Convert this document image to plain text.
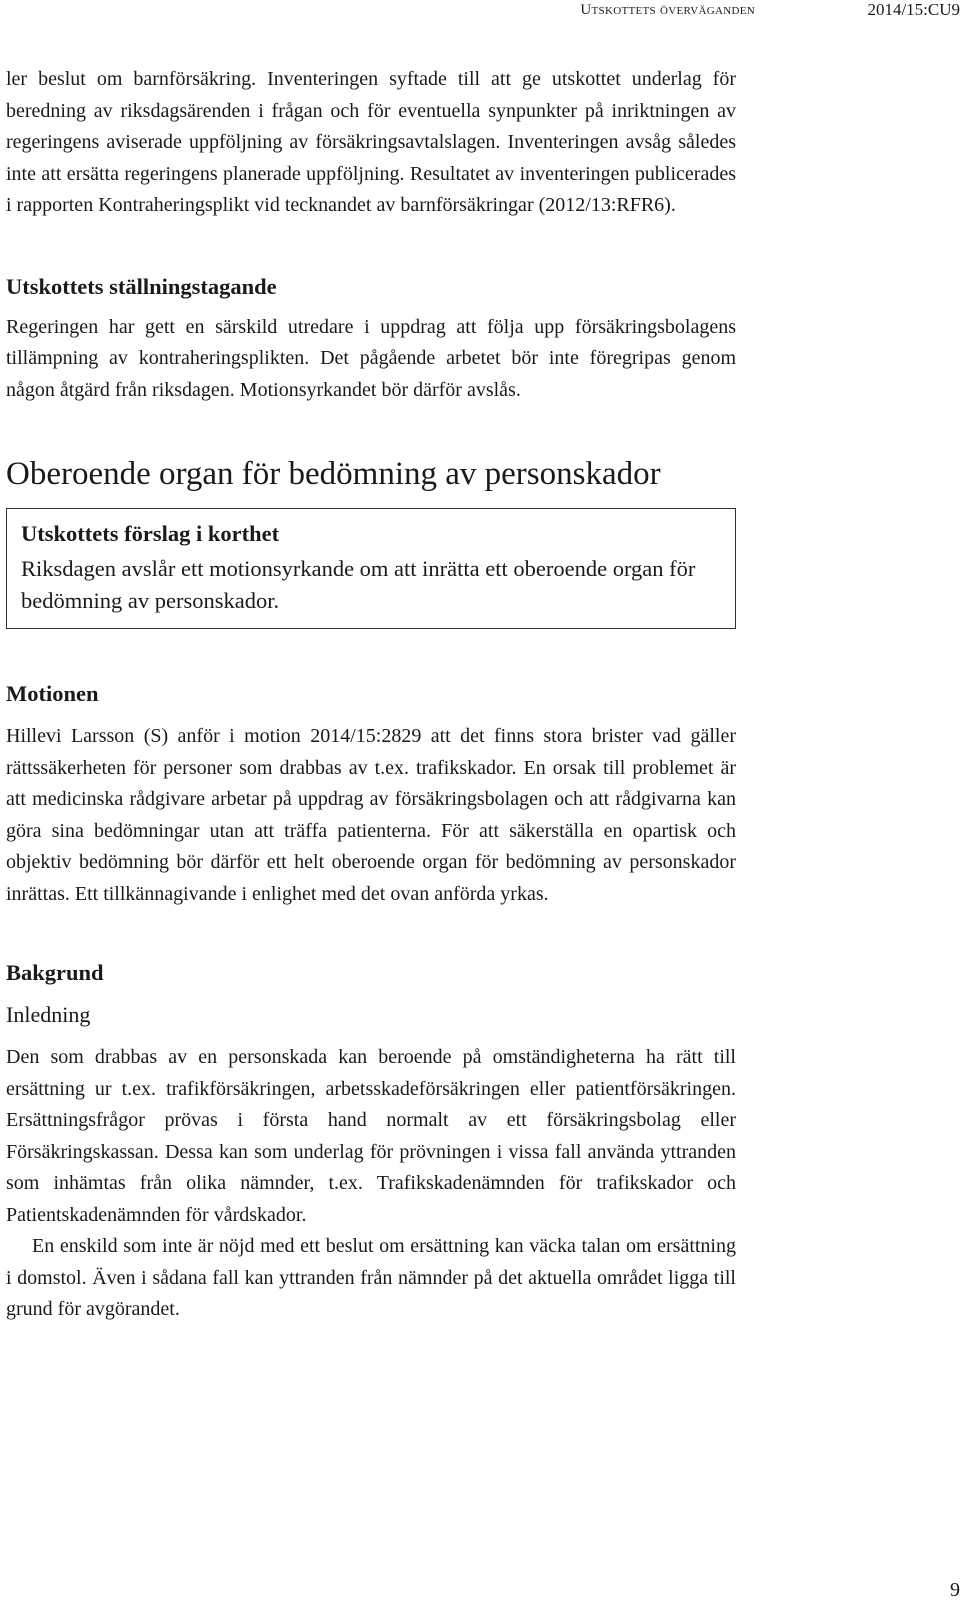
Utskottets överväganden	2014/15:CU9

ler beslut om barnförsäkring. Inventeringen syftade till att ge utskottet underlag för beredning av riksdagsärenden i frågan och för eventuella synpunkter på inriktningen av regeringens aviserade uppföljning av försäkringsavtalslagen. Inventeringen avsåg således inte att ersätta regeringens planerade uppföljning. Resultatet av inventeringen publicerades i rapporten Kontraheringsplikt vid tecknandet av barnförsäkringar (2012/13:RFR6).

Utskottets ställningstagande

Regeringen har gett en särskild utredare i uppdrag att följa upp försäkringsbolagens tillämpning av kontraheringsplikten. Det pågående arbetet bör inte föregripas genom någon åtgärd från riksdagen. Motionsyrkandet bör därför avslås.

Oberoende organ för bedömning av personskador
Utskottets förslag i korthet
Riksdagen avslår ett motionsyrkande om att inrätta ett oberoende organ för bedömning av personskador.
Motionen

Hillevi Larsson (S) anför i motion 2014/15:2829 att det finns stora brister vad gäller rättssäkerheten för personer som drabbas av t.ex. trafikskador. En orsak till problemet är att medicinska rådgivare arbetar på uppdrag av försäkringsbolagen och att rådgivarna kan göra sina bedömningar utan att träffa patienterna. För att säkerställa en opartisk och objektiv bedömning bör därför ett helt oberoende organ för bedömning av personskador inrättas. Ett tillkännagivande i enlighet med det ovan anförda yrkas.

Bakgrund
Inledning

Den som drabbas av en personskada kan beroende på omständigheterna ha rätt till ersättning ur t.ex. trafikförsäkringen, arbetsskadeförsäkringen eller patientförsäkringen. Ersättningsfrågor prövas i första hand normalt av ett försäkringsbolag eller Försäkringskassan. Dessa kan som underlag för prövningen i vissa fall använda yttranden som inhämtas från olika nämnder, t.ex. Trafikskadenämnden för trafikskador och Patientskadenämnden för vårdskador.

En enskild som inte är nöjd med ett beslut om ersättning kan väcka talan om ersättning i domstol. Även i sådana fall kan yttranden från nämnder på det aktuella området ligga till grund för avgörandet.

9
